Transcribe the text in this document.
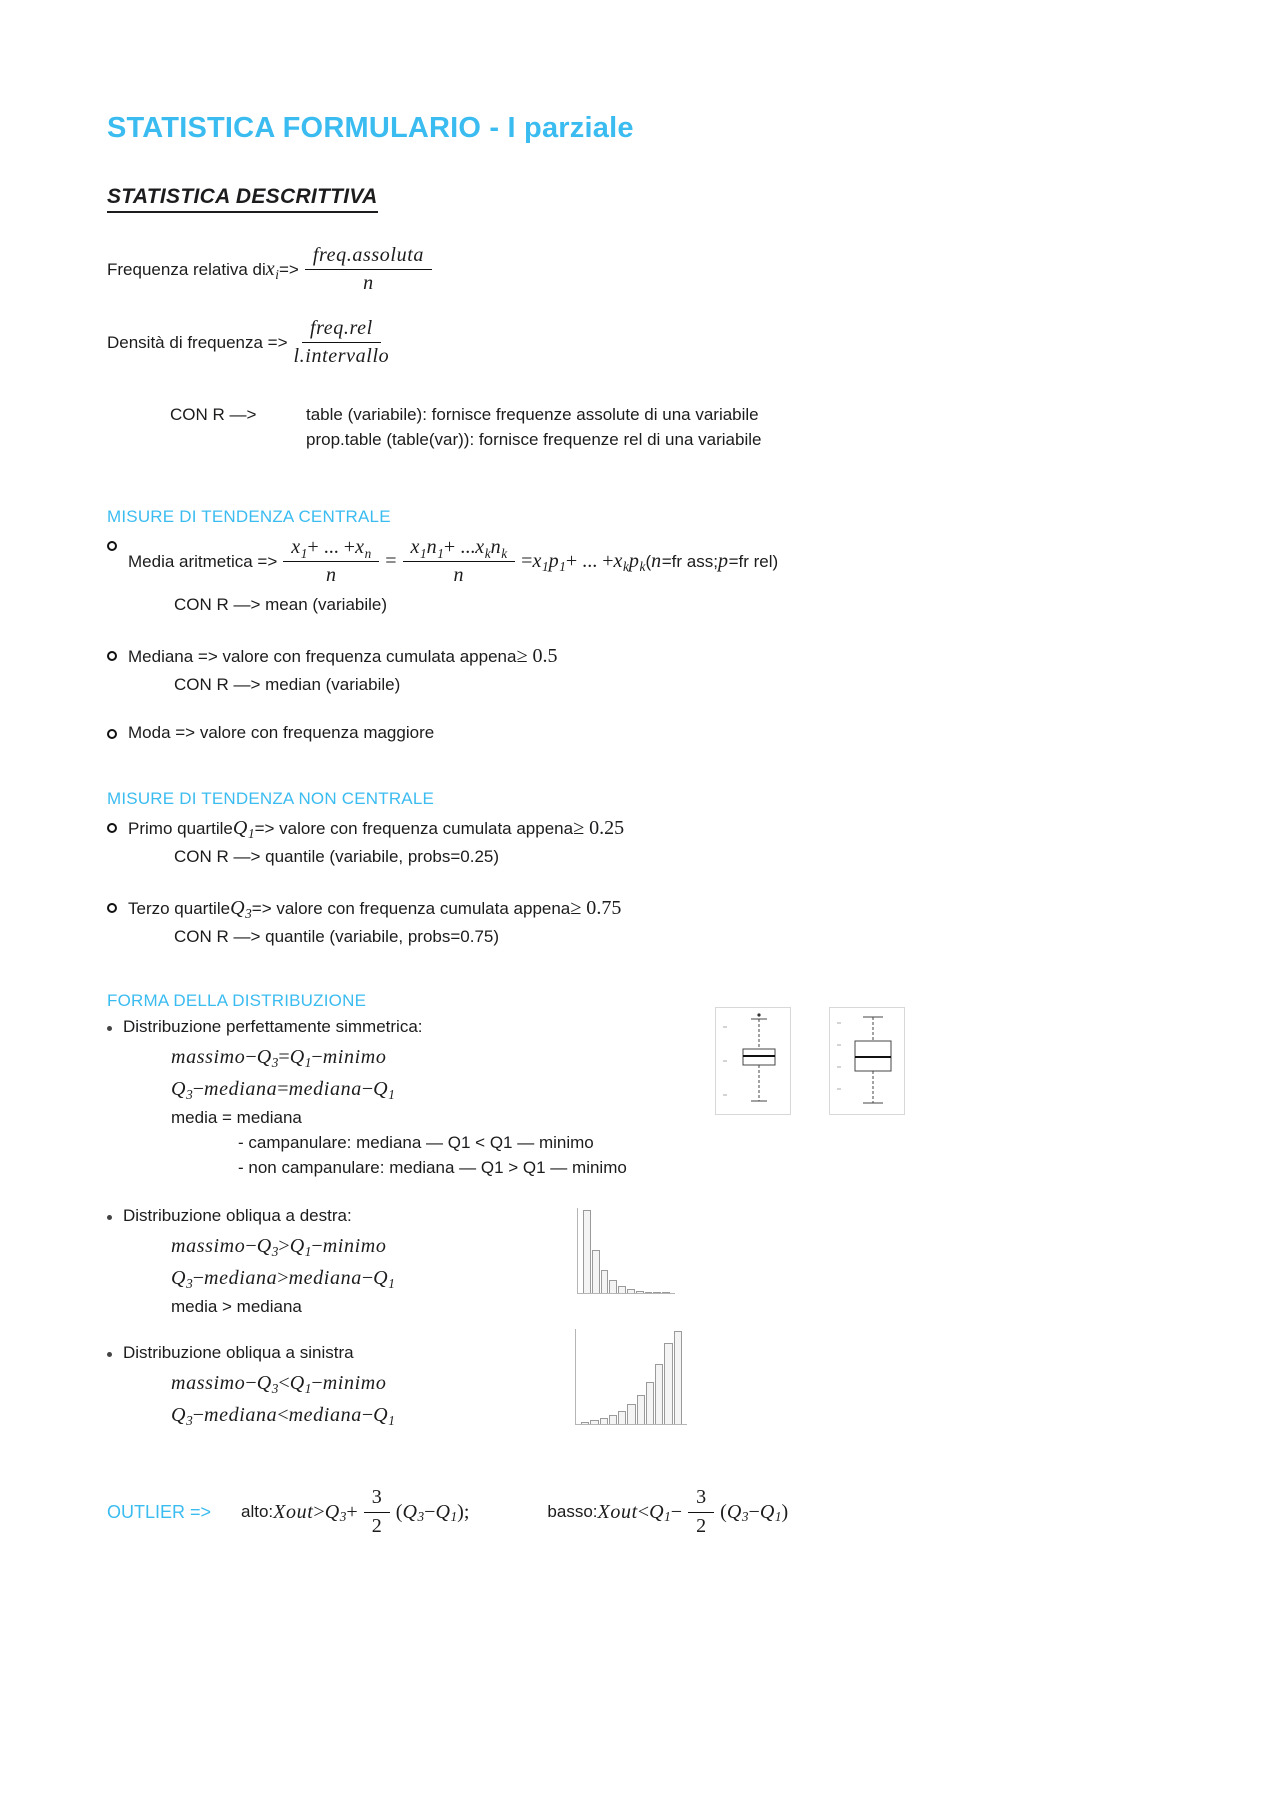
STATISTICA FORMULARIO - I parziale
STATISTICA DESCRITTIVA
Frequenza relativa di x $i => \frac{\text{freq.assoluta}}{n}$
Densità di frequenza => $\frac{\text{freq.rel}}{\text{l.intervallo}}$
CON R —>	table (variabile): fornisce frequenze assolute di una variabile
prop.table (table(var)): fornisce frequenze rel di una variabile
MISURE DI TENDENZA CENTRALE
Media aritmetica => $\frac{\text{x 1 + ... + x n}}{n} = \frac{\text{x 1 n 1 + ... x k n k}}{n} = x$ 1 p 1 + ... + x k p k ( n =fr ass; p =fr rel)
CON R —> mean (variabile)
Mediana => valore con frequenza cumulata appena ≥ 0.5
CON R —> median (variabile)
Moda => valore con frequenza maggiore
MISURE DI TENDENZA NON CENTRALE
Primo quartile Q 1 => valore con frequenza cumulata appena ≥ 0.25
CON R —> quantile (variabile, probs=0.25)
Terzo quartile Q 3 => valore con frequenza cumulata appena ≥ 0.75
CON R —> quantile (variabile, probs=0.75)
FORMA DELLA DISTRIBUZIONE
Distribuzione perfettamente simmetrica:
massimo − Q 3 = Q 1 − minimo
Q 3 − mediana = mediana − Q 1
media = mediana
- campanulare: mediana — Q1 < Q1 — minimo
- non campanulare: mediana — Q1 > Q1 — minimo
Distribuzione obliqua a destra:
massimo − Q 3 > Q 1 − minimo
Q 3 − mediana > mediana − Q 1
media > mediana
Distribuzione obliqua a sinistra
massimo − Q 3 < Q 1 − minimo
Q 3 − mediana < mediana − Q 1
OUTLIER =>	alto: Xout > Q $3 + \frac{3}{2}$ ( Q 3 − Q 1 );	basso: Xout < Q $1 - \frac{3}{2}$ ( Q 3 − Q 1 )
